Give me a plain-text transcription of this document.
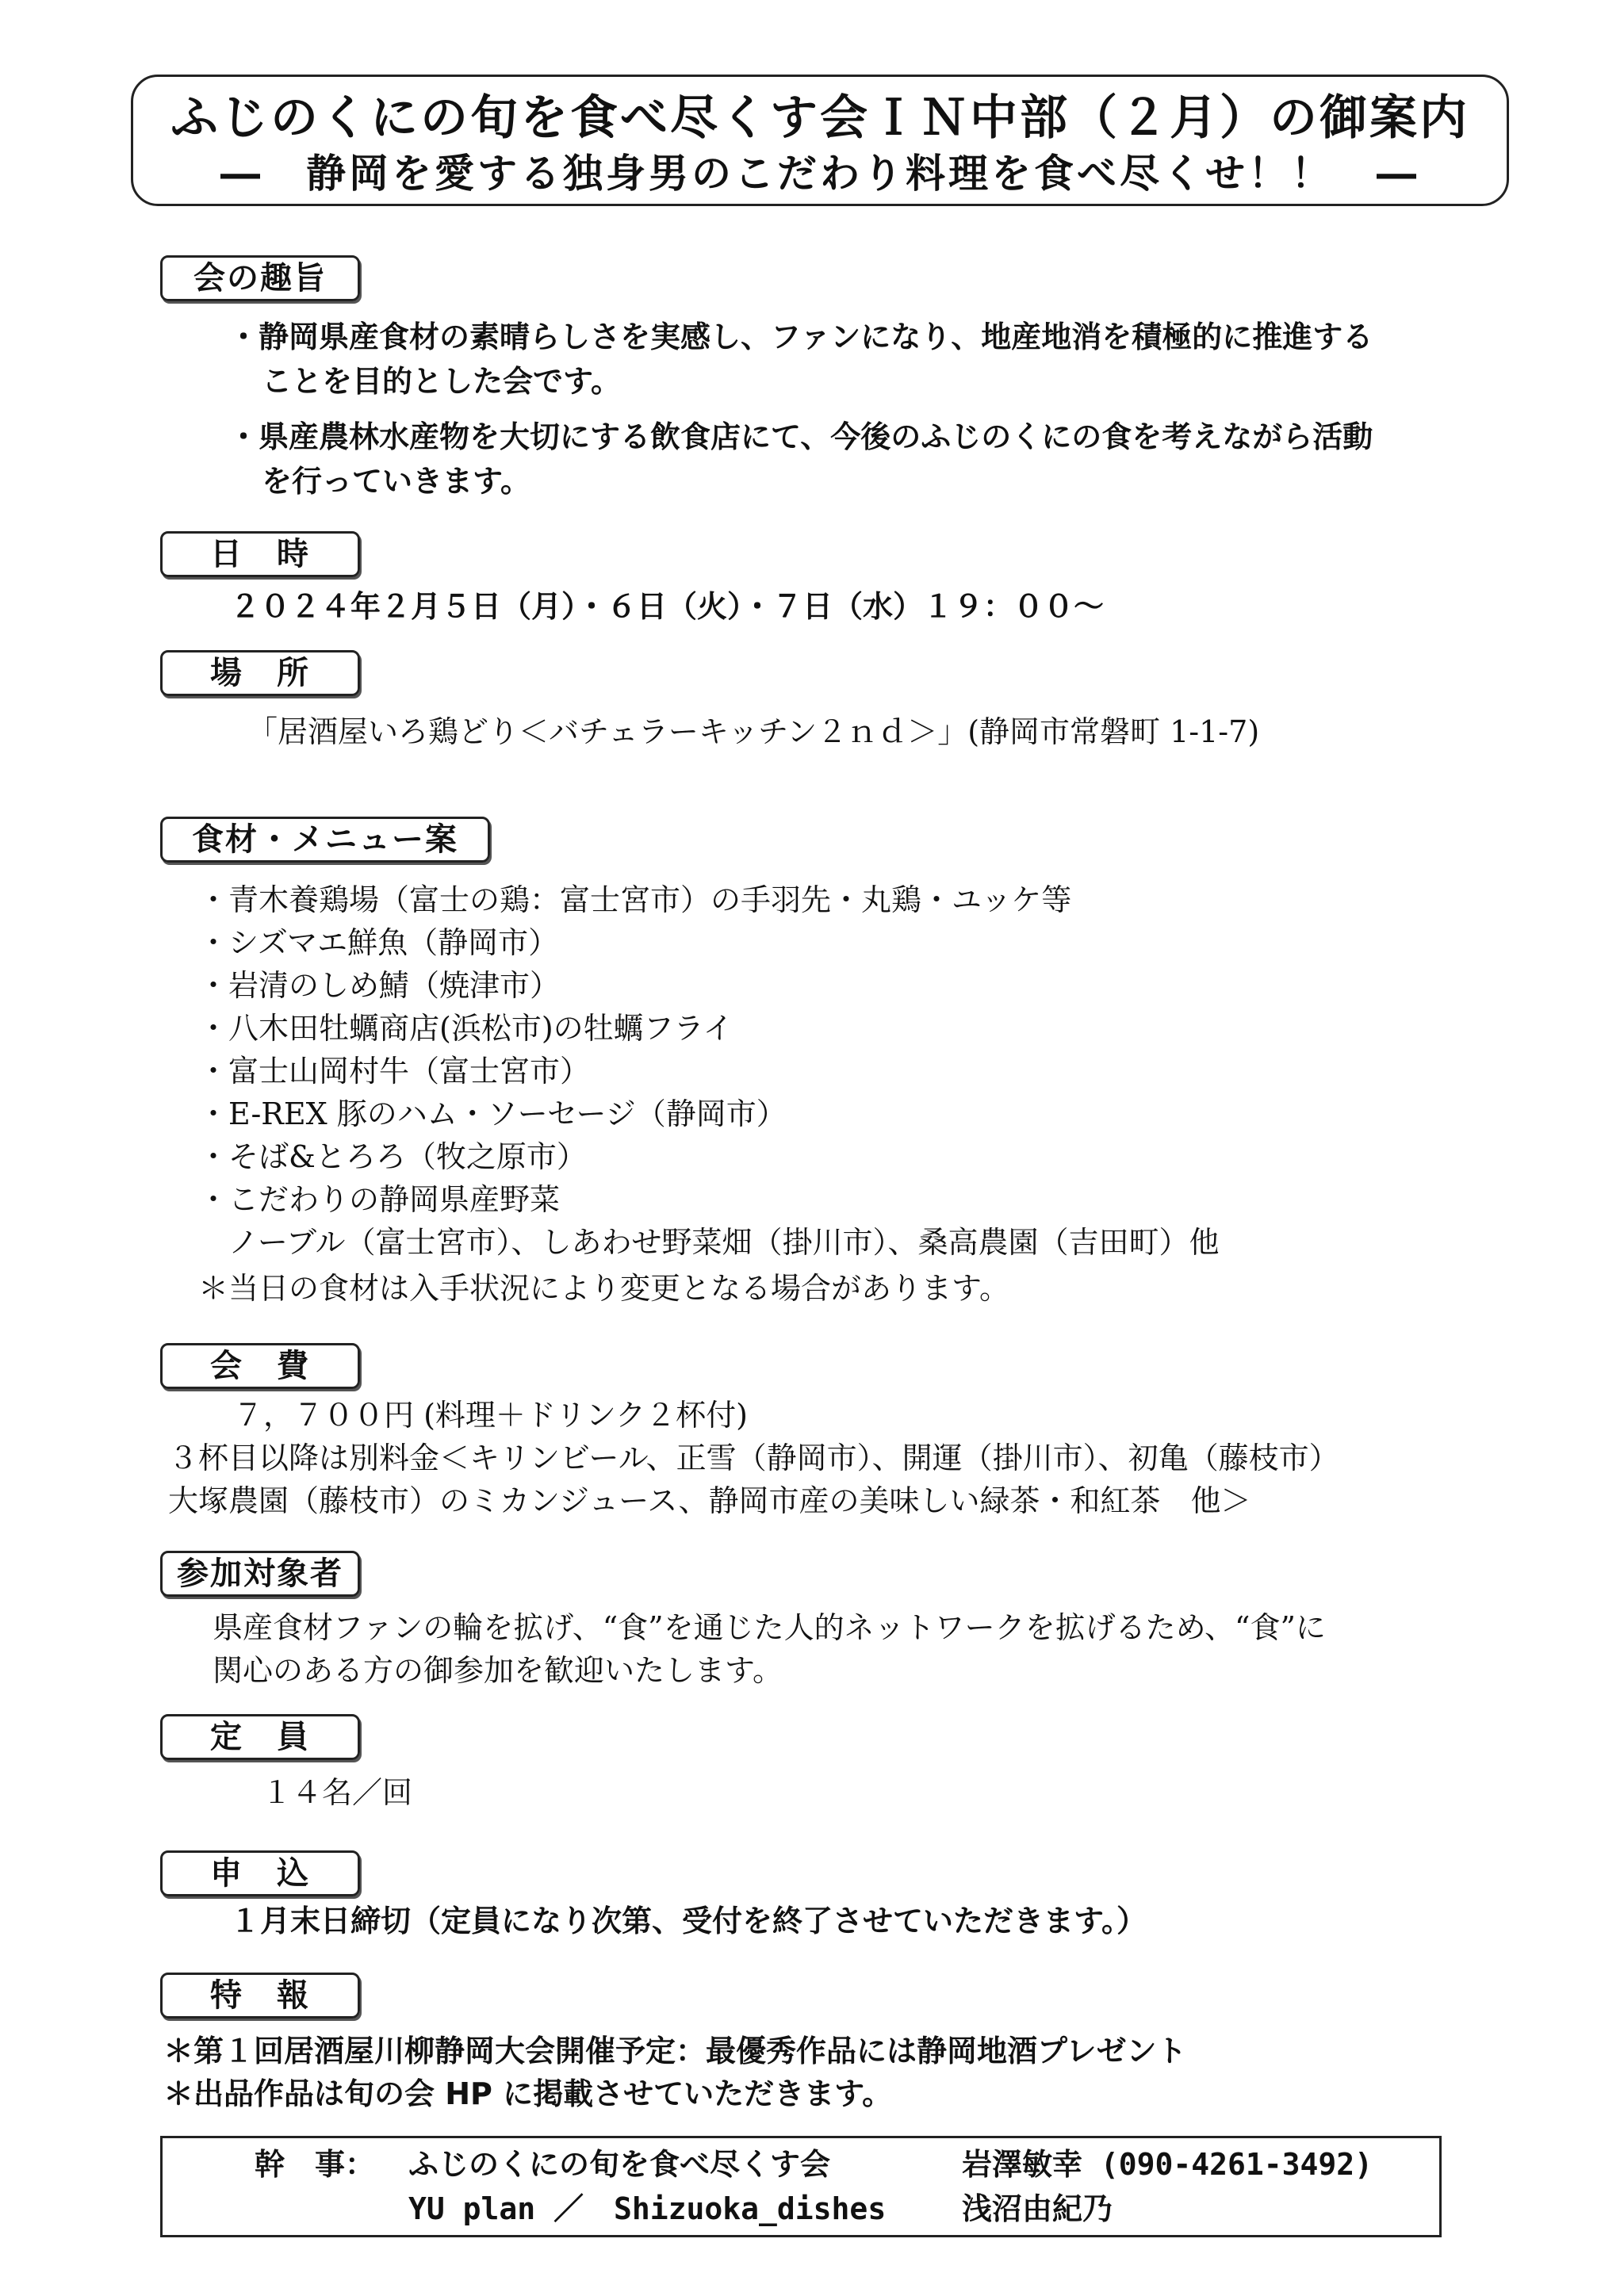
ふじのくにの旬を食べ尽くす会ＩＮ中部（２月）の御案内
―　静岡を愛する独身男のこだわり料理を食べ尽くせ！！　―
会の趣旨
・静岡県産食材の素晴らしさを実感し、ファンになり、地産地消を積極的に推進する
ことを目的とした会です。
・県産農林水産物を大切にする飲食店にて、今後のふじのくにの食を考えながら活動
を行っていきます。
日　時
２０２４年２月５日（月）・６日（火）・７日（水）１９：００～
場　所
「居酒屋いろ鶏どり＜バチェラーキッチン２ｎｄ＞」(静岡市常磐町 1-1-7)
食材・メニュー案
・青木養鶏場（富士の鶏：富士宮市）の手羽先・丸鶏・ユッケ等
・シズマエ鮮魚（静岡市）
・岩清のしめ鯖（焼津市）
・八木田牡蠣商店(浜松市)の牡蠣フライ
・富士山岡村牛（富士宮市）
・E-REX 豚のハム・ソーセージ（静岡市）
・そば&とろろ（牧之原市）
・こだわりの静岡県産野菜
　ノーブル（富士宮市）、しあわせ野菜畑（掛川市）、桑高農園（吉田町）他
＊当日の食材は入手状況により変更となる場合があります。
会　費
７，７００円 (料理＋ドリンク２杯付)
３杯目以降は別料金＜キリンビール、正雪（静岡市）、開運（掛川市）、初亀（藤枝市）
大塚農園（藤枝市）のミカンジュース、静岡市産の美味しい緑茶・和紅茶　他＞
参加対象者
県産食材ファンの輪を拡げ、“食”を通じた人的ネットワークを拡げるため、“食”に
関心のある方の御参加を歓迎いたします。
定　員
１４名／回
申　込
１月末日締切（定員になり次第、受付を終了させていただきます。）
特　報
＊第１回居酒屋川柳静岡大会開催予定：最優秀作品には静岡地酒プレゼント
＊出品作品は旬の会 HP に掲載させていただきます。
幹　事： ふじのくにの旬を食べ尽くす会	岩澤敏幸 (090-4261-3492)
YU plan ／　Shizuoka_dishes	浅沼由紀乃
